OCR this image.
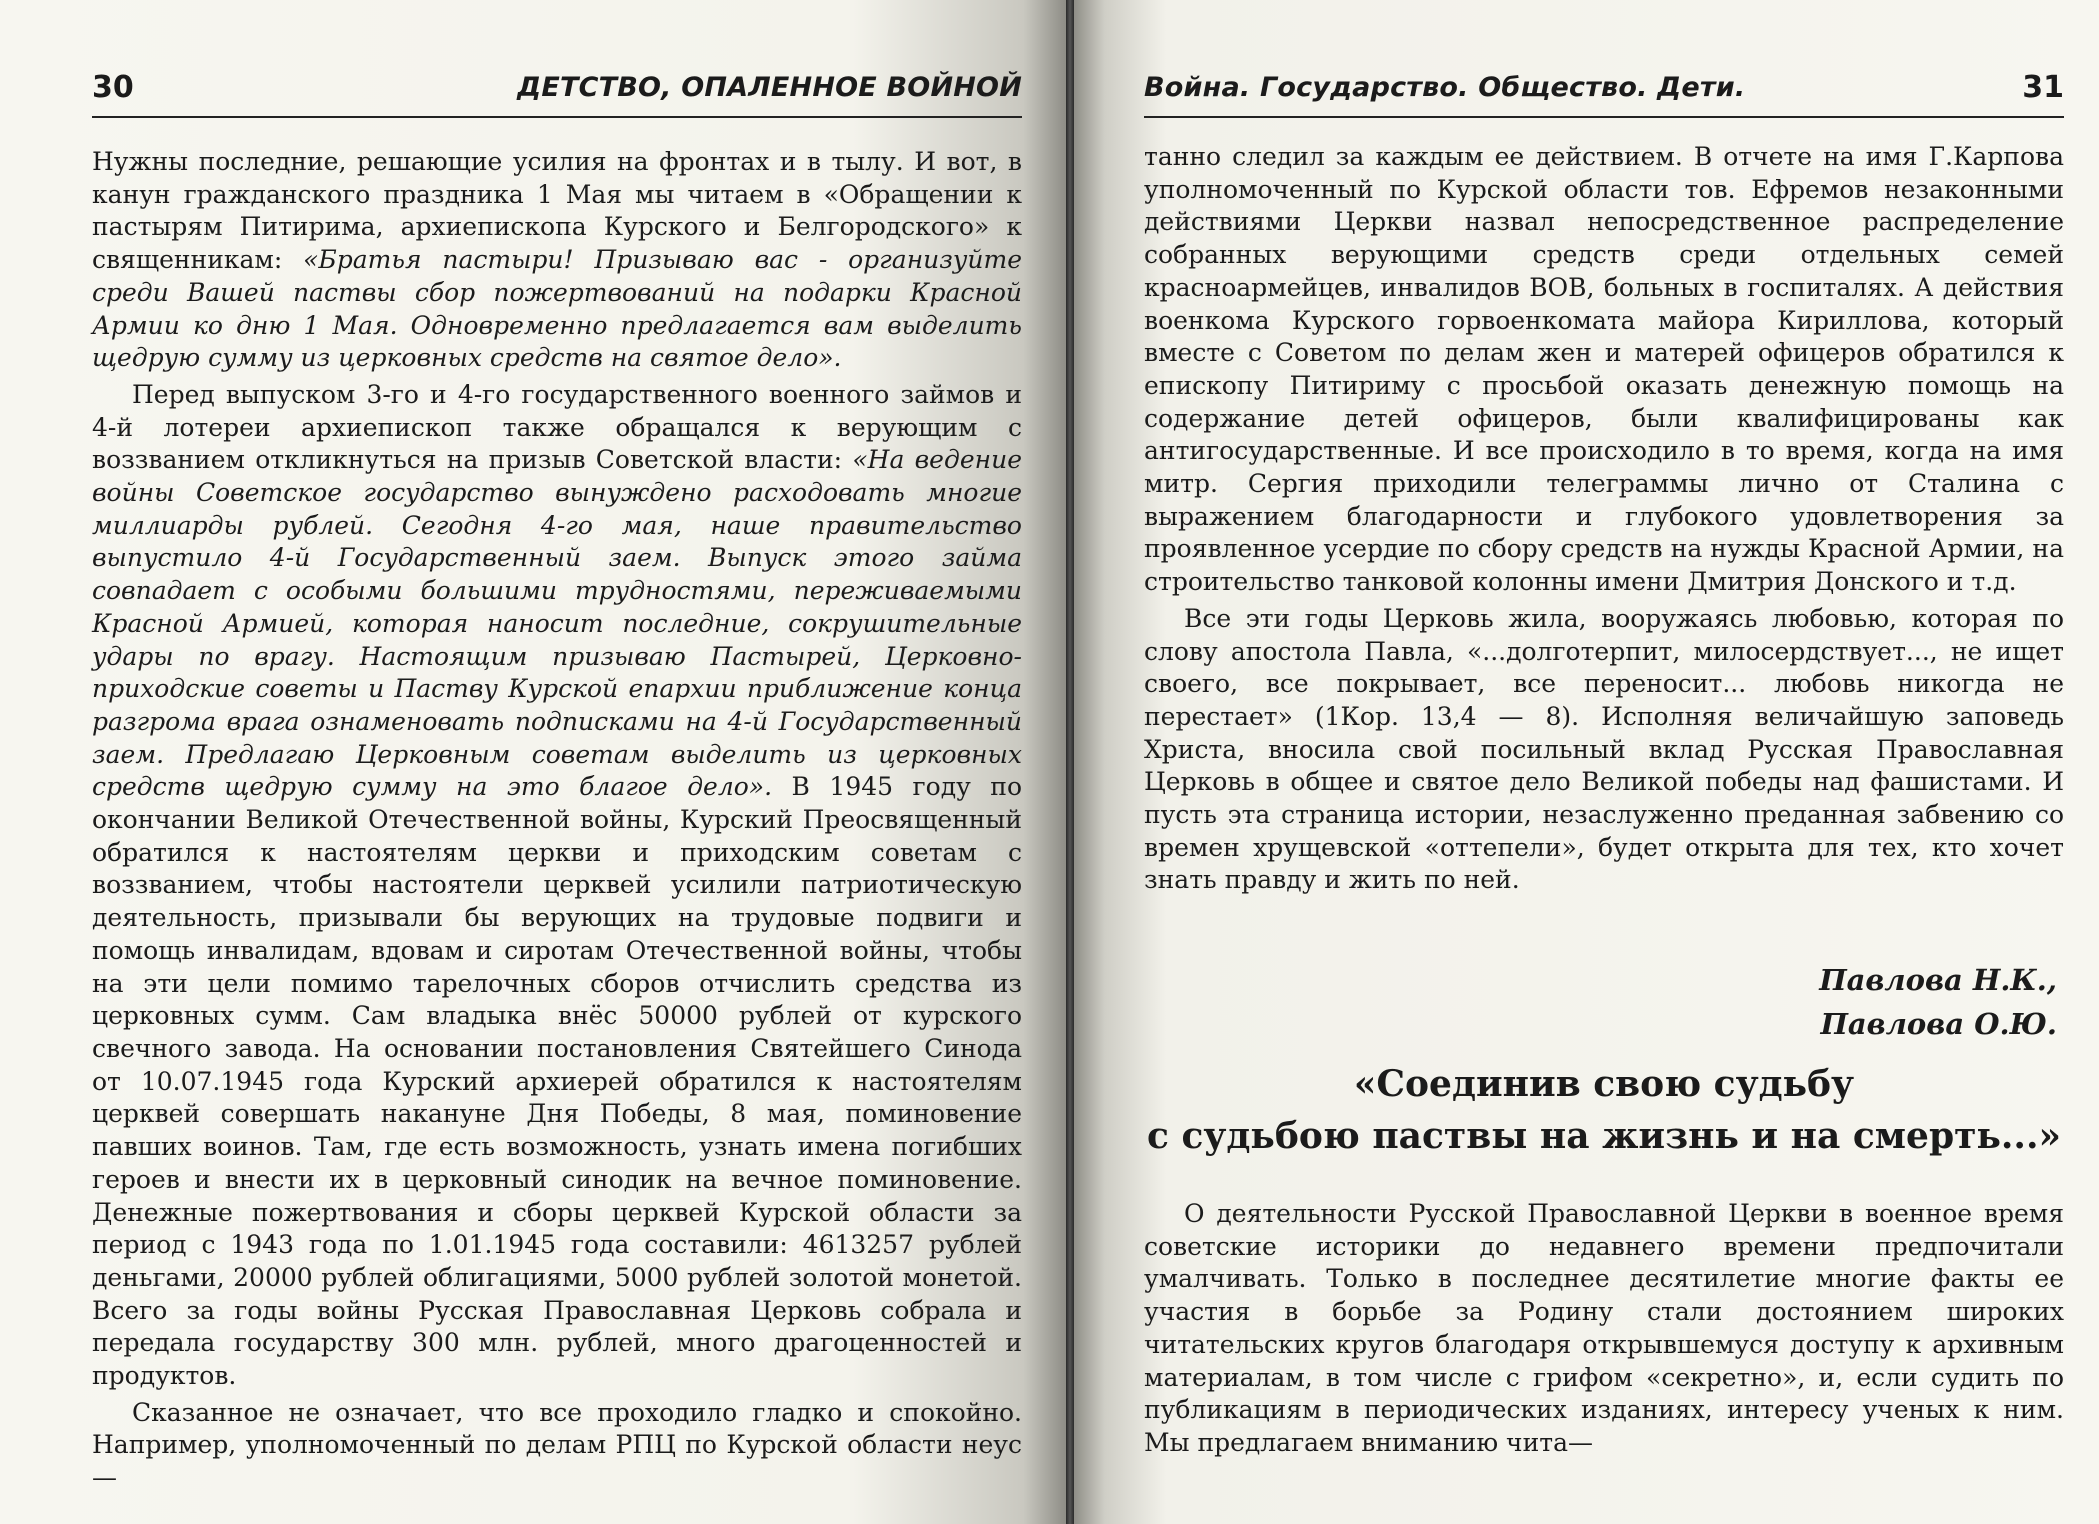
30	ДЕТСТВО, ОПАЛЕННОЕ ВОЙНОЙ

Нужны последние, решающие усилия на фронтах и в тылу. И вот, в канун гражданского праздника 1 Мая мы читаем в «Обращении к пастырям Питирима, архиепископа Курского и Белгородского» к священникам: «Братья пастыри! Призываю вас - организуйте среди Вашей паствы сбор пожертвований на подарки Красной Армии ко дню 1 Мая. Одновременно предлагается вам выделить щедрую сумму из церковных средств на святое дело».

Перед выпуском 3-го и 4-го государственного военного займов и 4-й лотереи архиепископ также обращался к верующим с воззванием откликнуться на призыв Советской власти: «На ведение войны Советское государство вынуждено расходовать многие миллиарды рублей. Сегодня 4-го мая, наше правительство выпустило 4-й Государственный заем. Выпуск этого займа совпадает с особыми большими трудностями, переживаемыми Красной Армией, которая наносит последние, сокрушительные удары по врагу. Настоящим призываю Пастырей, Церковно-приходские советы и Паству Курской епархии приближение конца разгрома врага ознаменовать подписками на 4-й Государственный заем. Предлагаю Церковным советам выделить из церковных средств щедрую сумму на это благое дело». В 1945 году по окончании Великой Отечественной войны, Курский Преосвященный обратился к настоятелям церкви и приходским советам с воззванием, чтобы настоятели церквей усилили патриотическую деятельность, призывали бы верующих на трудовые подвиги и помощь инвалидам, вдовам и сиротам Отечественной войны, чтобы на эти цели помимо тарелочных сборов отчислить средства из церковных сумм. Сам владыка внёс 50000 рублей от курского свечного завода. На основании постановления Святейшего Синода от 10.07.1945 года Курский архиерей обратился к настоятелям церквей совершать накануне Дня Победы, 8 мая, поминовение павших воинов. Там, где есть возможность, узнать имена погибших героев и внести их в церковный синодик на вечное поминовение. Денежные пожертвования и сборы церквей Курской области за период с 1943 года по 1.01.1945 года составили: 4613257 рублей деньгами, 20000 рублей облигациями, 5000 рублей золотой монетой. Всего за годы войны Русская Православная Церковь собрала и передала государству 300 млн. рублей, много драгоценностей и продуктов.

Сказанное не означает, что все проходило гладко и спокойно. Например, уполномоченный по делам РПЦ по Курской области неус—

Война. Государство. Общество. Дети.	31

танно следил за каждым ее действием. В отчете на имя Г.Карпова уполномоченный по Курской области тов. Ефремов незаконными действиями Церкви назвал непосредственное распределение собранных верующими средств среди отдельных семей красноармейцев, инвалидов ВОВ, больных в госпиталях. А действия военкома Курского горвоенкомата майора Кириллова, который вместе с Советом по делам жен и матерей офицеров обратился к епископу Питириму с просьбой оказать денежную помощь на содержание детей офицеров, были квалифицированы как антигосударственные. И все происходило в то время, когда на имя митр. Сергия приходили телеграммы лично от Сталина с выражением благодарности и глубокого удовлетворения за проявленное усердие по сбору средств на нужды Красной Армии, на строительство танковой колонны имени Дмитрия Донского и т.д.

Все эти годы Церковь жила, вооружаясь любовью, которая по слову апостола Павла, «...долготерпит, милосердствует..., не ищет своего, все покрывает, все переносит... любовь никогда не перестает» (1Кор. 13,4 — 8). Исполняя величайшую заповедь Христа, вносила свой посильный вклад Русская Православная Церковь в общее и святое дело Великой победы над фашистами. И пусть эта страница истории, незаслуженно преданная забвению со времен хрущевской «оттепели», будет открыта для тех, кто хочет знать правду и жить по ней.

Павлова Н.К.,
Павлова О.Ю.
«Соединив свою судьбу
с судьбою паствы на жизнь и на смерть...»

О деятельности Русской Православной Церкви в военное время советские историки до недавнего времени предпочитали умалчивать. Только в последнее десятилетие многие факты ее участия в борьбе за Родину стали достоянием широких читательских кругов благодаря открывшемуся доступу к архивным материалам, в том числе с грифом «секретно», и, если судить по публикациям в периодических изданиях, интересу ученых к ним. Мы предлагаем вниманию чита—
